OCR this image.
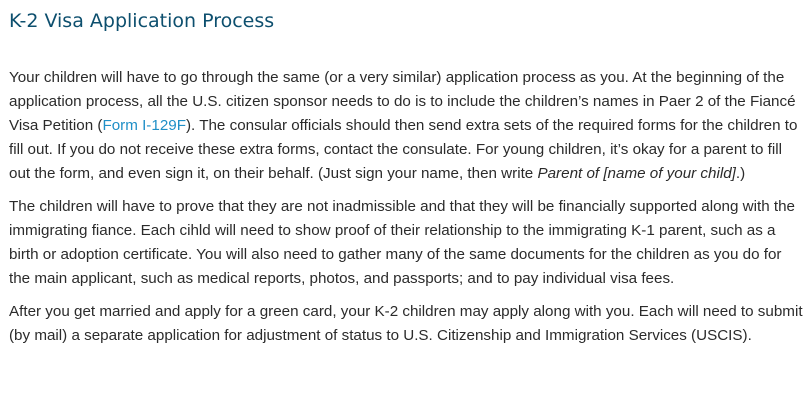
K-2 Visa Application Process

Your children will have to go through the same (or a very similar) application process as you. At the beginning of the application process, all the U.S. citizen sponsor needs to do is to include the children’s names in Paer 2 of the Fiancé Visa Petition (Form I-129F). The consular officials should then send extra sets of the required forms for the children to fill out. If you do not receive these extra forms, contact the consulate. For young children, it’s okay for a parent to fill out the form, and even sign it, on their behalf. (Just sign your name, then write Parent of [name of your child].)

The children will have to prove that they are not inadmissible and that they will be financially supported along with the immigrating fiance. Each cihld will need to show proof of their relationship to the immigrating K-1 parent, such as a birth or adoption certificate. You will also need to gather many of the same documents for the children as you do for the main applicant, such as medical reports, photos, and passports; and to pay individual visa fees.

After you get married and apply for a green card, your K-2 children may apply along with you. Each will need to submit (by mail) a separate application for adjustment of status to U.S. Citizenship and Immigration Services (USCIS).
